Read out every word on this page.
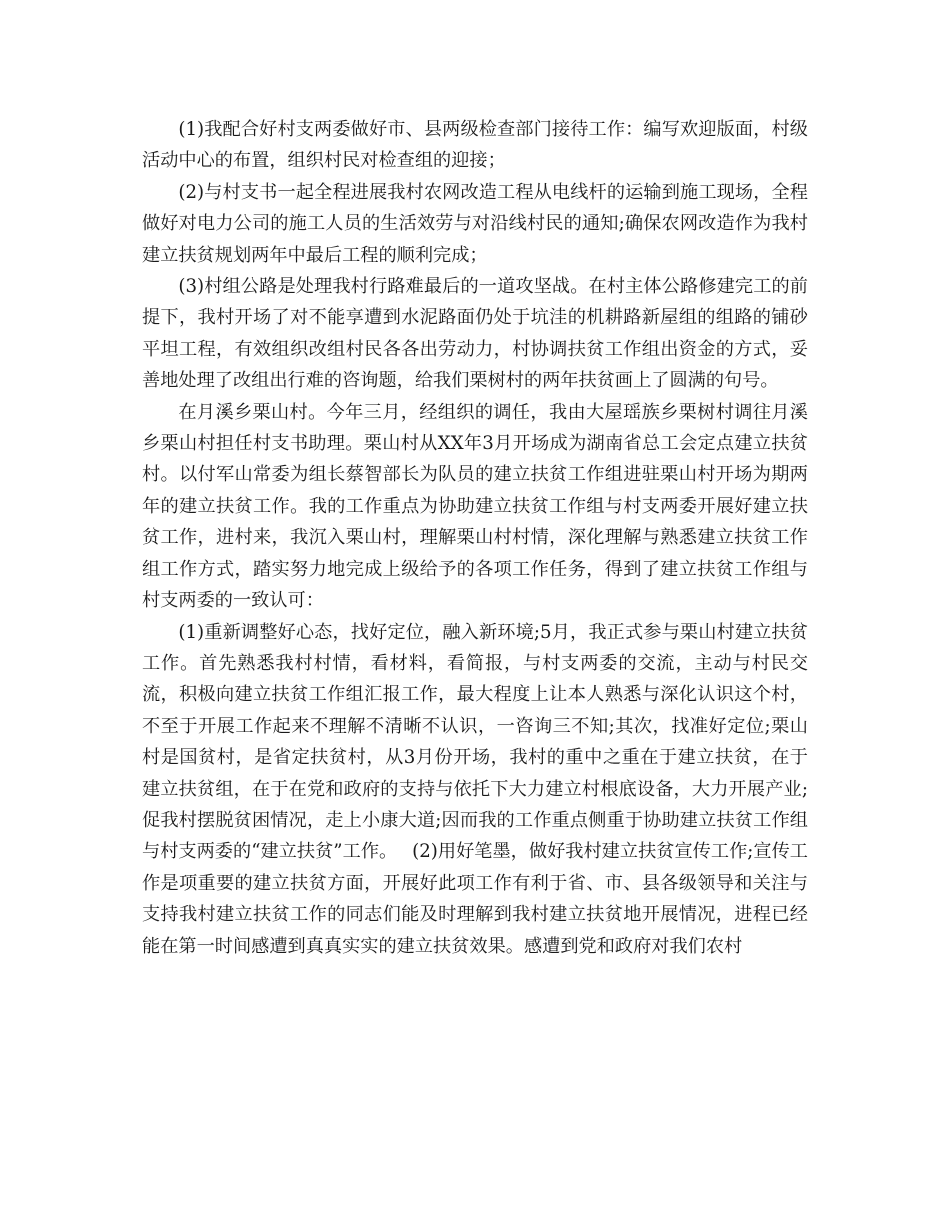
(1)我配合好村支两委做好市、县两级检查部门接待工作：编写欢迎版面，村级活动中心的布置，组织村民对检查组的迎接；

(2)与村支书一起全程进展我村农网改造工程从电线杆的运输到施工现场，全程做好对电力公司的施工人员的生活效劳与对沿线村民的通知;确保农网改造作为我村建立扶贫规划两年中最后工程的顺利完成；

(3)村组公路是处理我村行路难最后的一道攻坚战。在村主体公路修建完工的前提下，我村开场了对不能享遭到水泥路面仍处于坑洼的机耕路新屋组的组路的铺砂平坦工程，有效组织改组村民各各出劳动力，村协调扶贫工作组出资金的方式，妥善地处理了改组出行难的咨询题，给我们栗树村的两年扶贫画上了圆满的句号。

在月溪乡栗山村。今年三月，经组织的调任，我由大屋瑶族乡栗树村调往月溪乡栗山村担任村支书助理。栗山村从XX年3月开场成为湖南省总工会定点建立扶贫村。以付军山常委为组长蔡智部长为队员的建立扶贫工作组进驻栗山村开场为期两年的建立扶贫工作。我的工作重点为协助建立扶贫工作组与村支两委开展好建立扶贫工作，进村来，我沉入栗山村，理解栗山村村情，深化理解与熟悉建立扶贫工作组工作方式，踏实努力地完成上级给予的各项工作任务，得到了建立扶贫工作组与村支两委的一致认可：

(1)重新调整好心态，找好定位，融入新环境;5月，我正式参与栗山村建立扶贫工作。首先熟悉我村村情，看材料，看简报，与村支两委的交流，主动与村民交流，积极向建立扶贫工作组汇报工作，最大程度上让本人熟悉与深化认识这个村，不至于开展工作起来不理解不清晰不认识，一咨询三不知;其次，找准好定位;栗山村是国贫村，是省定扶贫村，从3月份开场，我村的重中之重在于建立扶贫，在于建立扶贫组，在于在党和政府的支持与依托下大力建立村根底设备，大力开展产业;促我村摆脱贫困情况，走上小康大道;因而我的工作重点侧重于协助建立扶贫工作组与村支两委的“建立扶贫”工作。　 (2)用好笔墨，做好我村建立扶贫宣传工作;宣传工作是项重要的建立扶贫方面，开展好此项工作有利于省、市、县各级领导和关注与支持我村建立扶贫工作的同志们能及时理解到我村建立扶贫地开展情况，进程已经能在第一时间感遭到真真实实的建立扶贫效果。感遭到党和政府对我们农村
